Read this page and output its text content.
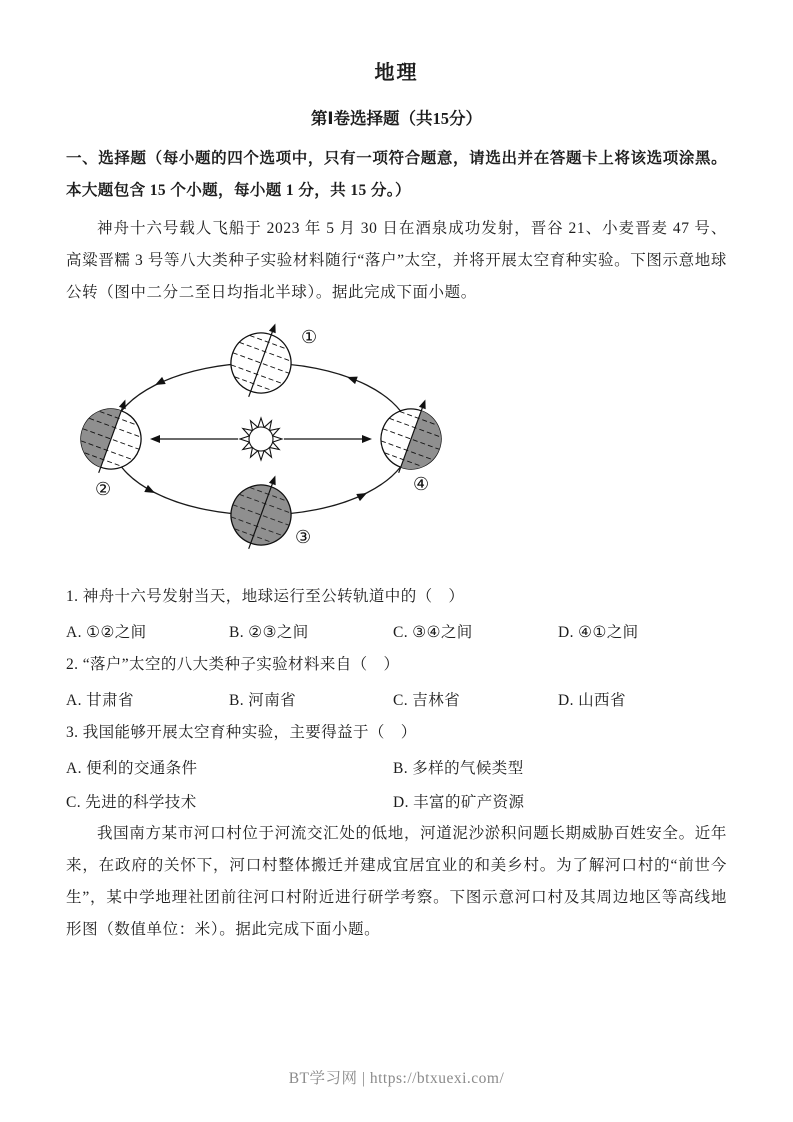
地理
第Ⅰ卷选择题（共15分）
一、选择题（每小题的四个选项中，只有一项符合题意，请选出并在答题卡上将该选项涂黑。本大题包含 15 个小题，每小题 1 分，共 15 分。）
神舟十六号载人飞船于 2023 年 5 月 30 日在酒泉成功发射，晋谷 21、小麦晋麦 47 号、高粱晋糯 3 号等八大类种子实验材料随行“落户”太空，并将开展太空育种实验。下图示意地球公转（图中二分二至日均指北半球）。据此完成下面小题。
①
②
③
④
1. 神舟十六号发射当天，地球运行至公转轨道中的（　）
A. ①②之间	B. ②③之间	C. ③④之间	D. ④①之间
2. “落户”太空的八大类种子实验材料来自（　）
A. 甘肃省	B. 河南省	C. 吉林省	D. 山西省
3. 我国能够开展太空育种实验，主要得益于（　）
A. 便利的交通条件	B. 多样的气候类型
C. 先进的科学技术	D. 丰富的矿产资源
我国南方某市河口村位于河流交汇处的低地，河道泥沙淤积问题长期威胁百姓安全。近年来，在政府的关怀下，河口村整体搬迁并建成宜居宜业的和美乡村。为了解河口村的“前世今生”，某中学地理社团前往河口村附近进行研学考察。下图示意河口村及其周边地区等高线地形图（数值单位：米）。据此完成下面小题。
BT学习网 | https://btxuexi.com/
